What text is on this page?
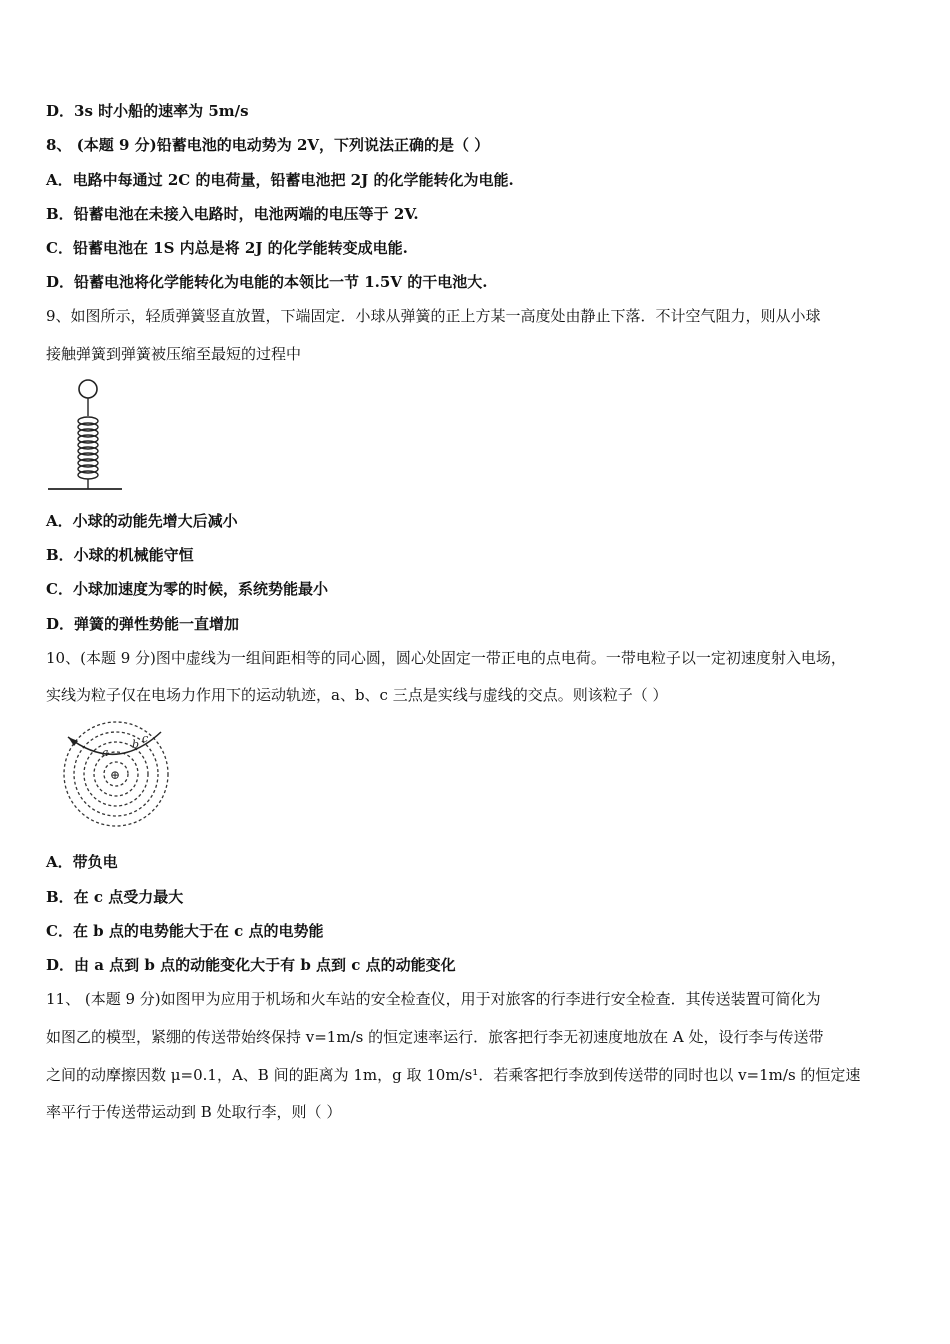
D．3s 时小船的速率为 5m/s
8、 (本题 9 分)铅蓄电池的电动势为 2V，下列说法正确的是（ ）
A．电路中每通过 2C 的电荷量，铅蓄电池把 2J 的化学能转化为电能.
B．铅蓄电池在未接入电路时，电池两端的电压等于 2V.
C．铅蓄电池在 1S 内总是将 2J 的化学能转变成电能.
D．铅蓄电池将化学能转化为电能的本领比一节 1.5V 的干电池大.
9、如图所示，轻质弹簧竖直放置，下端固定．小球从弹簧的正上方某一高度处由静止下落．不计空气阻力，则从小球
接触弹簧到弹簧被压缩至最短的过程中
A．小球的动能先增大后减小
B．小球的机械能守恒
C．小球加速度为零的时候，系统势能最小
D．弹簧的弹性势能一直增加
10、(本题 9 分)图中虚线为一组间距相等的同心圆，圆心处固定一带正电的点电荷。一带电粒子以一定初速度射入电场，
实线为粒子仅在电场力作用下的运动轨迹，a、b、c 三点是实线与虚线的交点。则该粒子（ ）
a
b c
⊕
A．带负电
B．在 c 点受力最大
C．在 b 点的电势能大于在 c 点的电势能
D．由 a 点到 b 点的动能变化大于有 b 点到 c 点的动能变化
11、 (本题 9 分)如图甲为应用于机场和火车站的安全检查仪，用于对旅客的行李进行安全检查．其传送装置可简化为
如图乙的模型，紧绷的传送带始终保持 v=1m/s 的恒定速率运行．旅客把行李无初速度地放在 A 处，设行李与传送带
之间的动摩擦因数 μ=0.1，A、B 间的距离为 1m，g 取 10m/s¹．若乘客把行李放到传送带的同时也以 v=1m/s 的恒定速
率平行于传送带运动到 B 处取行李，则（ ）
